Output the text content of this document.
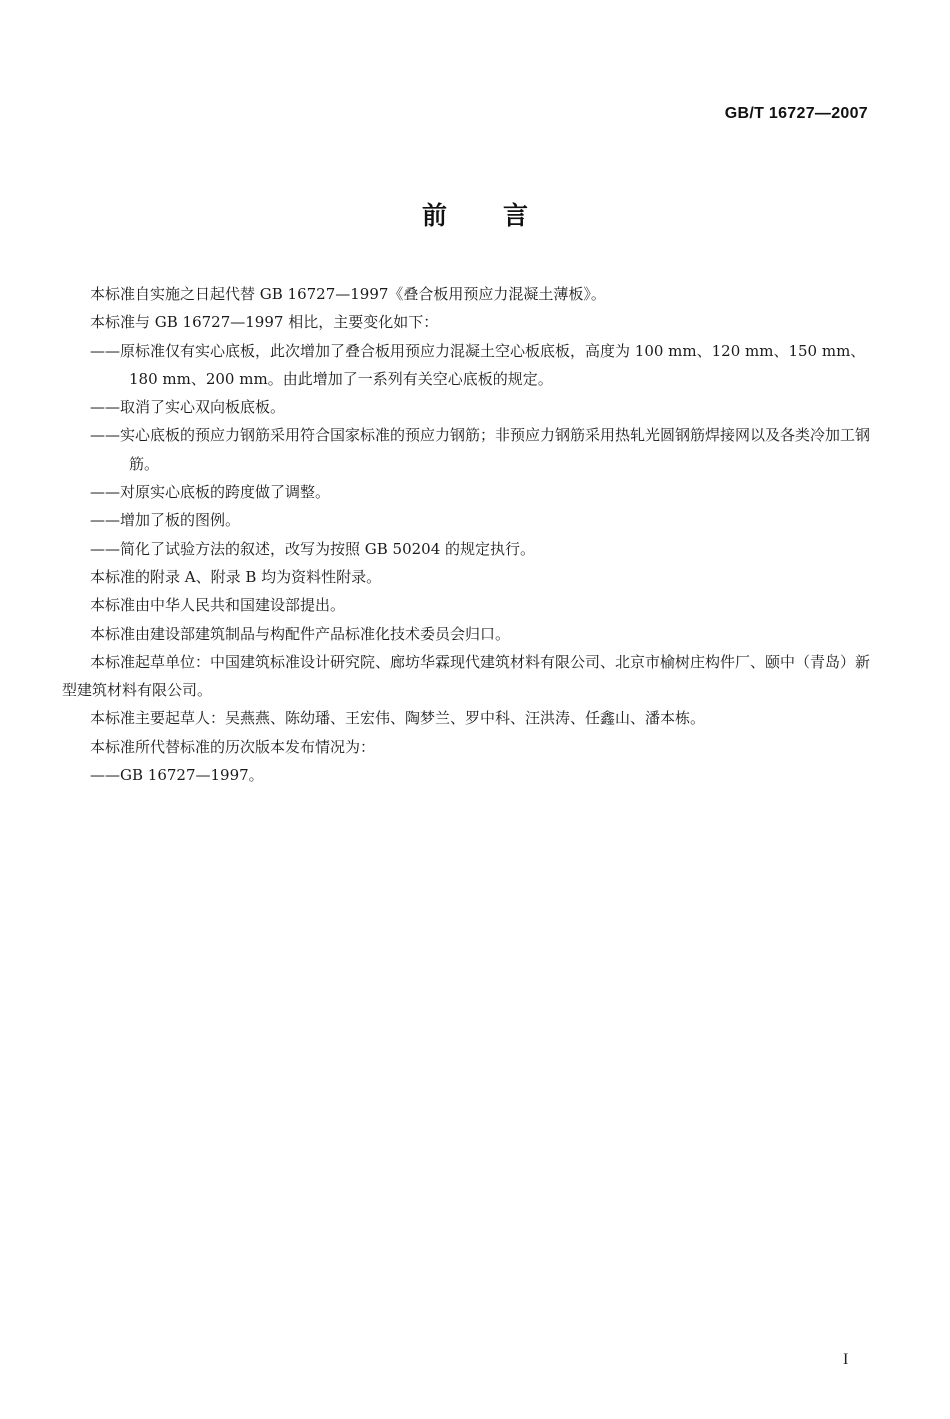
GB/T 16727—2007
前言

本标准自实施之日起代替 GB 16727—1997《叠合板用预应力混凝土薄板》。

本标准与 GB 16727—1997 相比，主要变化如下：

——原标准仅有实心底板，此次增加了叠合板用预应力混凝土空心板底板，高度为 100 mm、120 mm、150 mm、180 mm、200 mm。由此增加了一系列有关空心底板的规定。

——取消了实心双向板底板。

——实心底板的预应力钢筋采用符合国家标准的预应力钢筋；非预应力钢筋采用热轧光圆钢筋焊接网以及各类冷加工钢筋。

——对原实心底板的跨度做了调整。

——增加了板的图例。

——简化了试验方法的叙述，改写为按照 GB 50204 的规定执行。

本标准的附录 A、附录 B 均为资料性附录。

本标准由中华人民共和国建设部提出。

本标准由建设部建筑制品与构配件产品标准化技术委员会归口。

本标准起草单位：中国建筑标准设计研究院、廊坊华霖现代建筑材料有限公司、北京市榆树庄构件厂、颐中（青岛）新型建筑材料有限公司。

本标准主要起草人：吴燕燕、陈幼璠、王宏伟、陶梦兰、罗中科、汪洪涛、任鑫山、潘本栋。

本标准所代替标准的历次版本发布情况为：

——GB 16727—1997。

I
